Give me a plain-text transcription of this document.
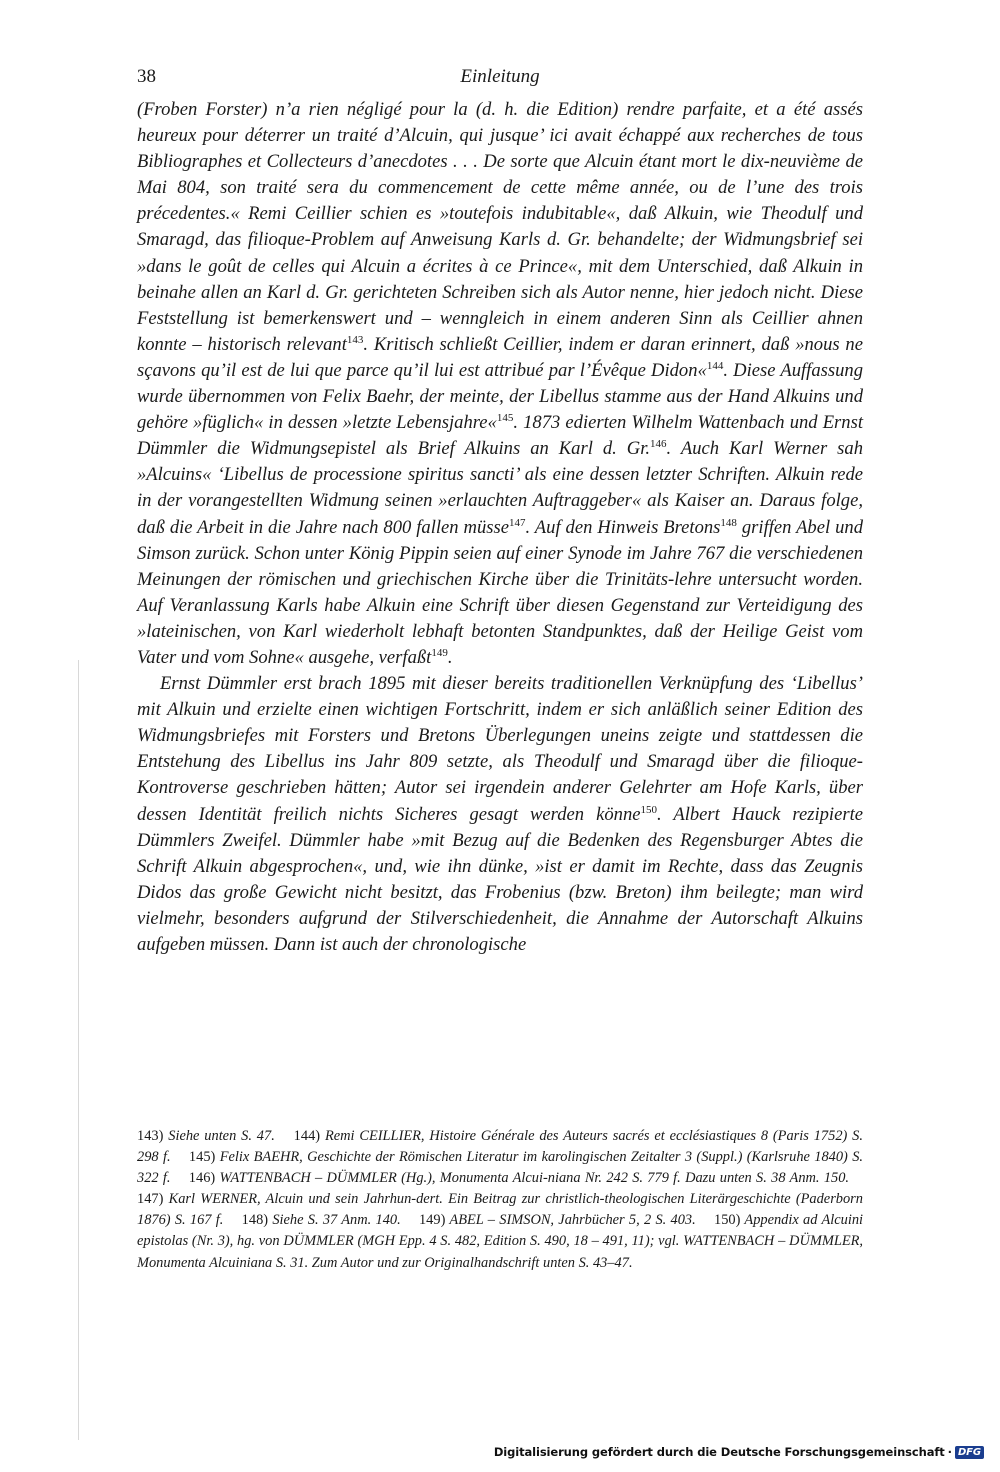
38	Einleitung

(Froben Forster) n’a rien négligé pour la (d. h. die Edition) rendre parfaite, et a été assés heureux pour déterrer un traité d’Alcuin, qui jusque’ ici avait échappé aux recherches de tous Bibliographes et Collecteurs d’anecdotes . . . De sorte que Alcuin étant mort le dix-neuvième de Mai 804, son traité sera du commencement de cette même année, ou de l’une des trois précedentes.« Remi Ceillier schien es »toutefois indubitable«, daß Alkuin, wie Theodulf und Smaragd, das filioque-Problem auf Anweisung Karls d. Gr. behandelte; der Widmungsbrief sei »dans le goût de celles qui Alcuin a écrites à ce Prince«, mit dem Unterschied, daß Alkuin in beinahe allen an Karl d. Gr. gerichteten Schreiben sich als Autor nenne, hier jedoch nicht. Diese Feststellung ist bemerkenswert und – wenngleich in einem anderen Sinn als Ceillier ahnen konnte – historisch relevant$^{143}$. Kritisch schließt Ceillier, indem er daran erinnert, daß »nous ne sçavons qu’il est de lui que parce qu’il lui est attribué par l’Évêque Didon«$^{144}$. Diese Auffassung wurde übernommen von Felix Baehr, der meinte, der Libellus stamme aus der Hand Alkuins und gehöre »füglich« in dessen »letzte Lebensjahre«$^{145}$. 1873 edierten Wilhelm Wattenbach und Ernst Dümmler die Widmungsepistel als Brief Alkuins an Karl d. Gr.$^{146}$. Auch Karl Werner sah »Alcuins« ‘Libellus de processione spiritus sancti’ als eine dessen letzter Schriften. Alkuin rede in der vorangestellten Widmung seinen »erlauchten Auftraggeber« als Kaiser an. Daraus folge, daß die Arbeit in die Jahre nach 800 fallen müsse$^{147}$. Auf den Hinweis Bretons$^{148}$ griffen Abel und Simson zurück. Schon unter König Pippin seien auf einer Synode im Jahre 767 die verschiedenen Meinungen der römischen und griechischen Kirche über die Trinitäts-lehre untersucht worden. Auf Veranlassung Karls habe Alkuin eine Schrift über diesen Gegenstand zur Verteidigung des »lateinischen, von Karl wiederholt lebhaft betonten Standpunktes, daß der Heilige Geist vom Vater und vom Sohne« ausgehe, verfaßt$^{149}$.

Ernst Dümmler erst brach 1895 mit dieser bereits traditionellen Verknüpfung des ‘Libellus’ mit Alkuin und erzielte einen wichtigen Fortschritt, indem er sich anläßlich seiner Edition des Widmungsbriefes mit Forsters und Bretons Überlegungen uneins zeigte und stattdessen die Entstehung des Libellus ins Jahr 809 setzte, als Theodulf und Smaragd über die filioque-Kontroverse geschrieben hätten; Autor sei irgendein anderer Gelehrter am Hofe Karls, über dessen Identität freilich nichts Sicheres gesagt werden könne$^{150}$. Albert Hauck rezipierte Dümmlers Zweifel. Dümmler habe »mit Bezug auf die Bedenken des Regensburger Abtes die Schrift Alkuin abgesprochen«, und, wie ihn dünke, »ist er damit im Rechte, dass das Zeugnis Didos das große Gewicht nicht besitzt, das Frobenius (bzw. Breton) ihm beilegte; man wird vielmehr, besonders aufgrund der Stilverschiedenheit, die Annahme der Autorschaft Alkuins aufgeben müssen. Dann ist auch der chronologische

143) Siehe unten S. 47. 144) Remi CEILLIER, Histoire Générale des Auteurs sacrés et ecclésiastiques 8 (Paris 1752) S. 298 f. 145) Felix BAEHR, Geschichte der Römischen Literatur im karolingischen Zeitalter 3 (Suppl.) (Karlsruhe 1840) S. 322 f. 146) WATTENBACH – DÜMMLER (Hg.), Monumenta Alcui-niana Nr. 242 S. 779 f. Dazu unten S. 38 Anm. 150. 147) Karl WERNER, Alcuin und sein Jahrhun-dert. Ein Beitrag zur christlich-theologischen Literärgeschichte (Paderborn 1876) S. 167 f. 148) Siehe S. 37 Anm. 140. 149) ABEL – SIMSON, Jahrbücher 5, 2 S. 403. 150) Appendix ad Alcuini epistolas (Nr. 3), hg. von DÜMMLER (MGH Epp. 4 S. 482, Edition S. 490, 18 – 491, 11); vgl. WATTENBACH – DÜMMLER, Monumenta Alcuiniana S. 31. Zum Autor und zur Originalhandschrift unten S. 43–47.
Digitalisierung gefördert durch die Deutsche Forschungsgemeinschaft · DFG
